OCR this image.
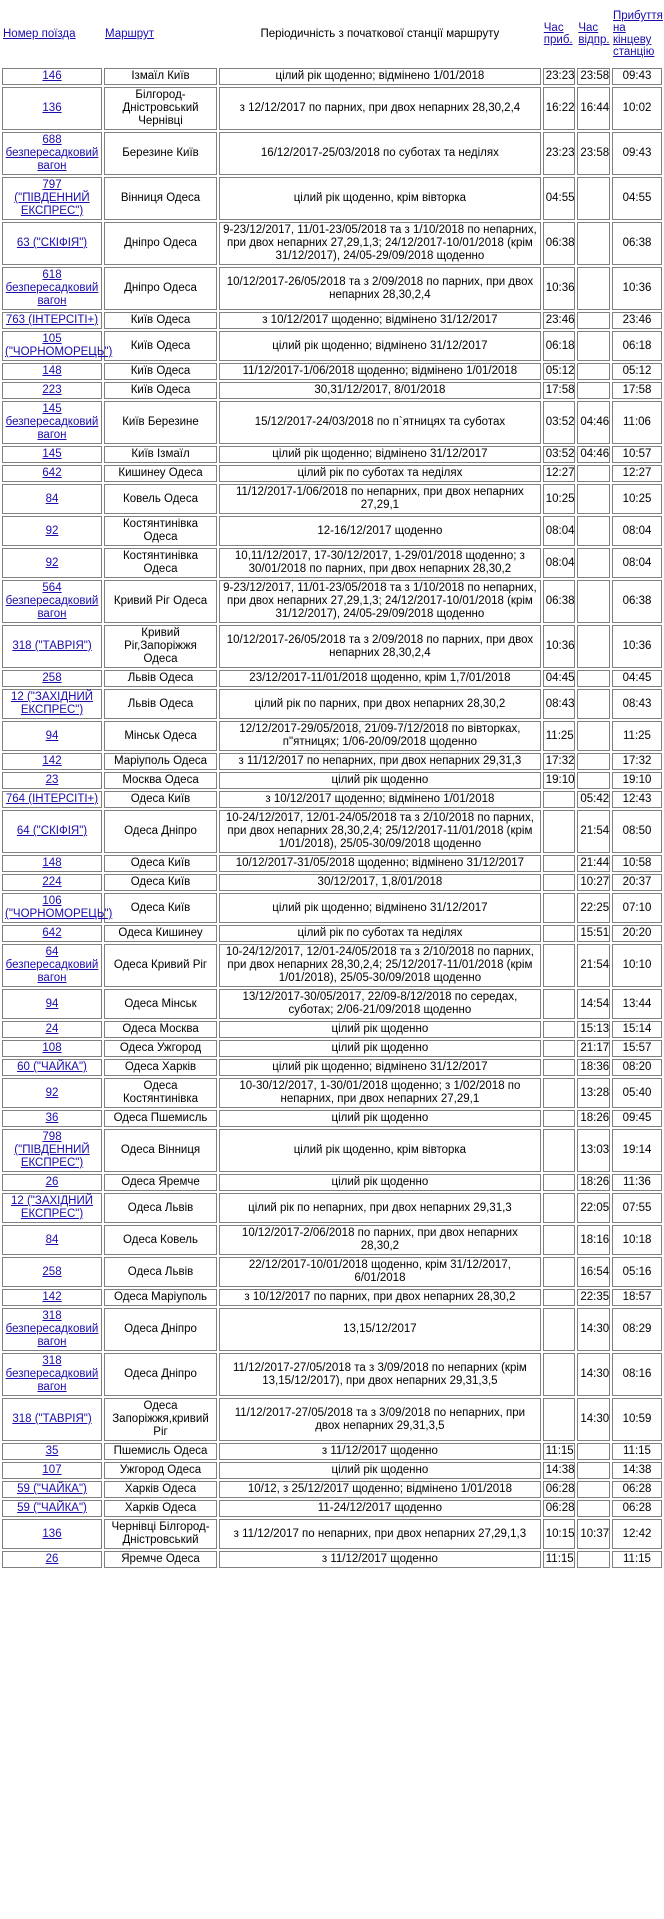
Номер поїзда	Маршрут	Періодичність з початкової станції маршруту	Час приб.	Час відпр.	Прибуття на кінцеву станцію
146	Ізмаїл Київ	цілий рік щоденно; відмінено 1/01/2018	23:23	23:58	09:43
136	Білгород-Дністровський Чернівці	з 12/12/2017 по парних, при двох непарних 28,30,2,4	16:22	16:44	10:02
688 безпересадковий вагон	Березине Київ	16/12/2017-25/03/2018 по суботах та неділях	23:23	23:58	09:43
797 ("ПІВДЕННИЙ ЕКСПРЕС")	Вінниця Одеса	цілий рік щоденно, крім вівторка	04:55		04:55
63 ("СКІФІЯ")	Дніпро Одеса	9-23/12/2017, 11/01-23/05/2018 та з 1/10/2018 по непарних, при двох непарних 27,29,1,3; 24/12/2017-10/01/2018 (крім 31/12/2017), 24/05-29/09/2018 щоденно	06:38		06:38
618 безпересадковий вагон	Дніпро Одеса	10/12/2017-26/05/2018 та з 2/09/2018 по парних, при двох непарних 28,30,2,4	10:36		10:36
763 (ІНТЕРСІТІ+)	Київ Одеса	з 10/12/2017 щоденно; відмінено 31/12/2017	23:46		23:46
105 ("ЧОРНОМОРЕЦЬ")	Київ Одеса	цілий рік щоденно; відмінено 31/12/2017	06:18		06:18
148	Київ Одеса	11/12/2017-1/06/2018 щоденно; відмінено 1/01/2018	05:12		05:12
223	Київ Одеса	30,31/12/2017, 8/01/2018	17:58		17:58
145 безпересадковий вагон	Київ Березине	15/12/2017-24/03/2018 по п`ятницях та суботах	03:52	04:46	11:06
145	Київ Ізмаїл	цілий рік щоденно; відмінено 31/12/2017	03:52	04:46	10:57
642	Кишинеу Одеса	цілий рік по суботах та неділях	12:27		12:27
84	Ковель Одеса	11/12/2017-1/06/2018 по непарних, при двох непарних 27,29,1	10:25		10:25
92	Костянтинівка Одеса	12-16/12/2017 щоденно	08:04		08:04
92	Костянтинівка Одеса	10,11/12/2017, 17-30/12/2017, 1-29/01/2018 щоденно; з 30/01/2018 по парних, при двох непарних 28,30,2	08:04		08:04
564 безпересадковий вагон	Кривий Ріг Одеса	9-23/12/2017, 11/01-23/05/2018 та з 1/10/2018 по непарних, при двох непарних 27,29,1,3; 24/12/2017-10/01/2018 (крім 31/12/2017), 24/05-29/09/2018 щоденно	06:38		06:38
318 ("ТАВРІЯ")	Кривий Ріг,Запоріжжя Одеса	10/12/2017-26/05/2018 та з 2/09/2018 по парних, при двох непарних 28,30,2,4	10:36		10:36
258	Львів Одеса	23/12/2017-11/01/2018 щоденно, крім 1,7/01/2018	04:45		04:45
12 ("ЗАХІДНИЙ ЕКСПРЕС")	Львів Одеса	цілий рік по парних, при двох непарних 28,30,2	08:43		08:43
94	Мінськ Одеса	12/12/2017-29/05/2018, 21/09-7/12/2018 по вівторках, п"ятницях; 1/06-20/09/2018 щоденно	11:25		11:25
142	Маріуполь Одеса	з 11/12/2017 по непарних, при двох непарних 29,31,3	17:32		17:32
23	Москва Одеса	цілий рік щоденно	19:10		19:10
764 (ІНТЕРСІТІ+)	Одеса Київ	з 10/12/2017 щоденно; відмінено 1/01/2018		05:42	12:43
64 ("СКІФІЯ")	Одеса Дніпро	10-24/12/2017, 12/01-24/05/2018 та з 2/10/2018 по парних, при двох непарних 28,30,2,4; 25/12/2017-11/01/2018 (крім 1/01/2018), 25/05-30/09/2018 щоденно		21:54	08:50
148	Одеса Київ	10/12/2017-31/05/2018 щоденно; відмінено 31/12/2017		21:44	10:58
224	Одеса Київ	30/12/2017, 1,8/01/2018		10:27	20:37
106 ("ЧОРНОМОРЕЦЬ")	Одеса Київ	цілий рік щоденно; відмінено 31/12/2017		22:25	07:10
642	Одеса Кишинеу	цілий рік по суботах та неділях		15:51	20:20
64 безпересадковий вагон	Одеса Кривий Ріг	10-24/12/2017, 12/01-24/05/2018 та з 2/10/2018 по парних, при двох непарних 28,30,2,4; 25/12/2017-11/01/2018 (крім 1/01/2018), 25/05-30/09/2018 щоденно		21:54	10:10
94	Одеса Мінськ	13/12/2017-30/05/2017, 22/09-8/12/2018 по середах, суботах; 2/06-21/09/2018 щоденно		14:54	13:44
24	Одеса Москва	цілий рік щоденно		15:13	15:14
108	Одеса Ужгород	цілий рік щоденно		21:17	15:57
60 ("ЧАЙКА")	Одеса Харків	цілий рік щоденно; відмінено 31/12/2017		18:36	08:20
92	Одеса Костянтинівка	10-30/12/2017, 1-30/01/2018 щоденно; з 1/02/2018 по непарних, при двох непарних 27,29,1		13:28	05:40
36	Одеса Пшемисль	цілий рік щоденно		18:26	09:45
798 ("ПІВДЕННИЙ ЕКСПРЕС")	Одеса Вінниця	цілий рік щоденно, крім вівторка		13:03	19:14
26	Одеса Яремче	цілий рік щоденно		18:26	11:36
12 ("ЗАХІДНИЙ ЕКСПРЕС")	Одеса Львів	цілий рік по непарних, при двох непарних 29,31,3		22:05	07:55
84	Одеса Ковель	10/12/2017-2/06/2018 по парних, при двох непарних 28,30,2		18:16	10:18
258	Одеса Львів	22/12/2017-10/01/2018 щоденно, крім 31/12/2017, 6/01/2018		16:54	05:16
142	Одеса Маріуполь	з 10/12/2017 по парних, при двох непарних 28,30,2		22:35	18:57
318 безпересадковий вагон	Одеса Дніпро	13,15/12/2017		14:30	08:29
318 безпересадковий вагон	Одеса Дніпро	11/12/2017-27/05/2018 та з 3/09/2018 по непарних (крім 13,15/12/2017), при двох непарних 29,31,3,5		14:30	08:16
318 ("ТАВРІЯ")	Одеса Запоріжжя,кривий Ріг	11/12/2017-27/05/2018 та з 3/09/2018 по непарних, при двох непарних 29,31,3,5		14:30	10:59
35	Пшемисль Одеса	з 11/12/2017 щоденно	11:15		11:15
107	Ужгород Одеса	цілий рік щоденно	14:38		14:38
59 ("ЧАЙКА")	Харків Одеса	10/12, з 25/12/2017 щоденно; відмінено 1/01/2018	06:28		06:28
59 ("ЧАЙКА")	Харків Одеса	11-24/12/2017 щоденно	06:28		06:28
136	Чернівці Білгород-Дністровський	з 11/12/2017 по непарних, при двох непарних 27,29,1,3	10:15	10:37	12:42
26	Яремче Одеса	з 11/12/2017 щоденно	11:15		11:15
